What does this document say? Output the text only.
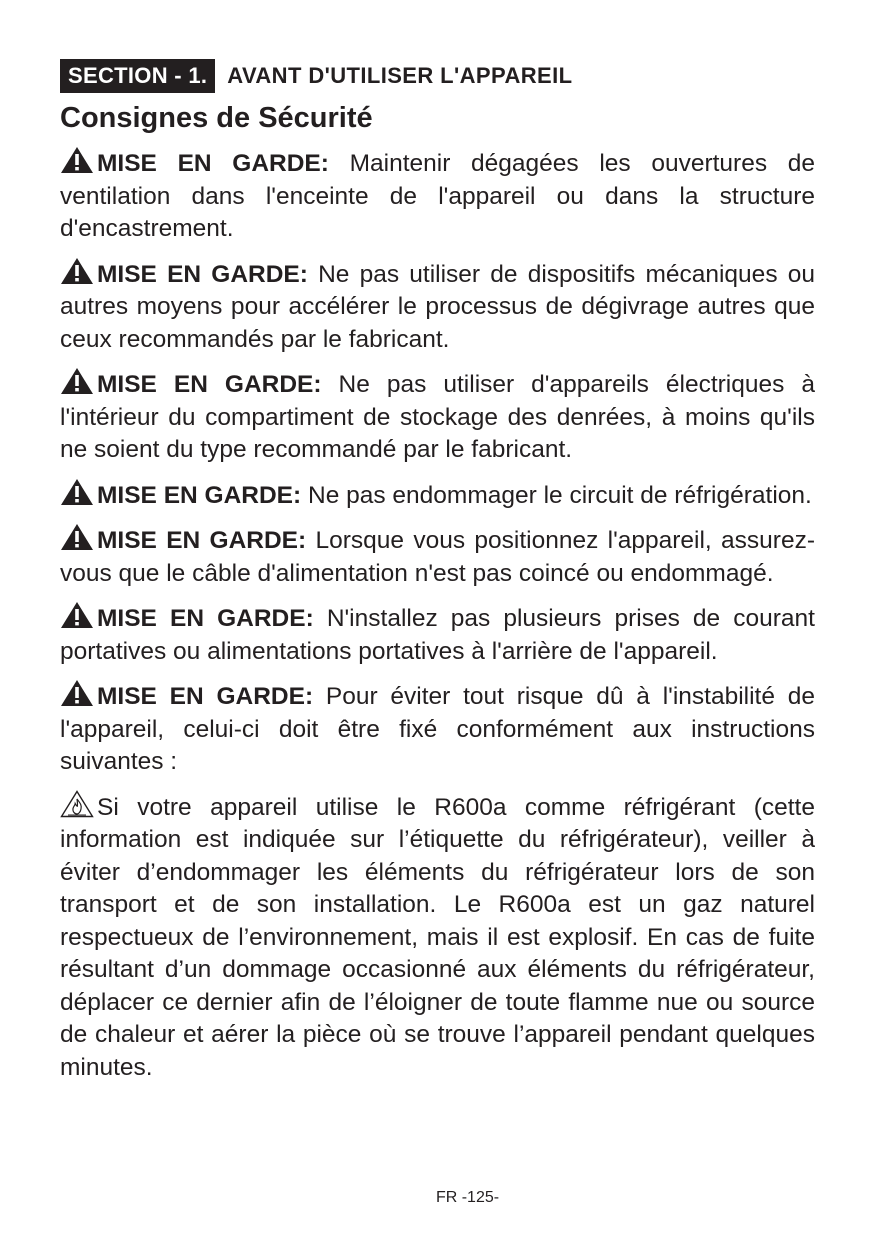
SECTION - 1. AVANT D'UTILISER L'APPAREIL
Consignes de Sécurité

MISE EN GARDE: Maintenir dégagées les ouvertures de ventilation dans l'enceinte de l'appareil ou dans la structure d'encastrement.

MISE EN GARDE: Ne pas utiliser de dispositifs mécaniques ou autres moyens pour accélérer le processus de dégivrage autres que ceux recommandés par le fabricant.

MISE EN GARDE: Ne pas utiliser d'appareils électriques à l'intérieur du compartiment de stockage des denrées, à moins qu'ils ne soient du type recommandé par le fabricant.

MISE EN GARDE: Ne pas endommager le circuit de réfrigération.

MISE EN GARDE: Lorsque vous positionnez l'appareil, assurez-vous que le câble d'alimentation n'est pas coincé ou endommagé.

MISE EN GARDE: N'installez pas plusieurs prises de courant portatives ou alimentations portatives à l'arrière de l'appareil.

MISE EN GARDE: Pour éviter tout risque dû à l'instabilité de l'appareil, celui-ci doit être fixé conformément aux instructions suivantes :

Si votre appareil utilise le R600a comme réfrigérant (cette information est indiquée sur l’étiquette du réfrigérateur), veiller à éviter d’endommager les éléments du réfrigérateur lors de son transport et de son installation. Le R600a est un gaz naturel respectueux de l’environnement, mais il est explosif. En cas de fuite résultant d’un dommage occasionné aux éléments du réfrigérateur, déplacer ce dernier afin de l’éloigner de toute flamme nue ou source de chaleur et aérer la pièce où se trouve l’appareil pendant quelques minutes.

FR -125-
